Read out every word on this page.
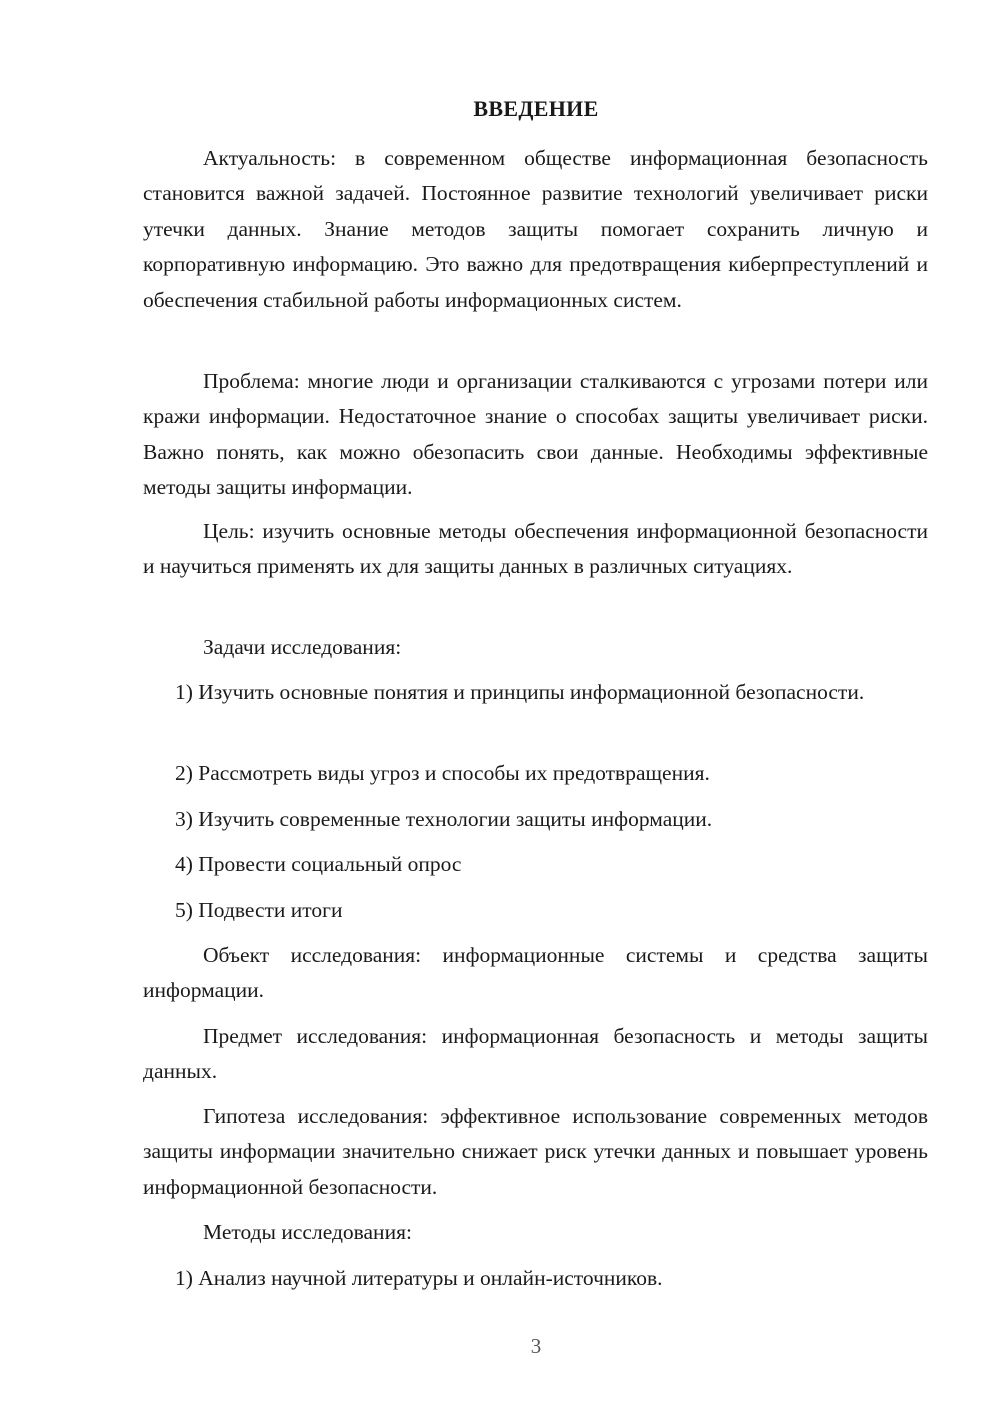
ВВЕДЕНИЕ

Актуальность: в современном обществе информационная безопасность становится важной задачей. Постоянное развитие технологий увеличивает риски утечки данных. Знание методов защиты помогает сохранить личную и корпоративную информацию. Это важно для предотвращения киберпреступлений и обеспечения стабильной работы информационных систем.

Проблема: многие люди и организации сталкиваются с угрозами потери или кражи информации. Недостаточное знание о способах защиты увеличивает риски. Важно понять, как можно обезопасить свои данные. Необходимы эффективные методы защиты информации.

Цель: изучить основные методы обеспечения информационной безопасности и научиться применять их для защиты данных в различных ситуациях.

Задачи исследования:

1) Изучить основные понятия и принципы информационной безопасности.

2) Рассмотреть виды угроз и способы их предотвращения.

3) Изучить современные технологии защиты информации.

4) Провести социальный опрос

5) Подвести итоги

Объект исследования: информационные системы и средства защиты информации.

Предмет исследования: информационная безопасность и методы защиты данных.

Гипотеза исследования: эффективное использование современных методов защиты информации значительно снижает риск утечки данных и повышает уровень информационной безопасности.

Методы исследования:

1) Анализ научной литературы и онлайн-источников.

3
